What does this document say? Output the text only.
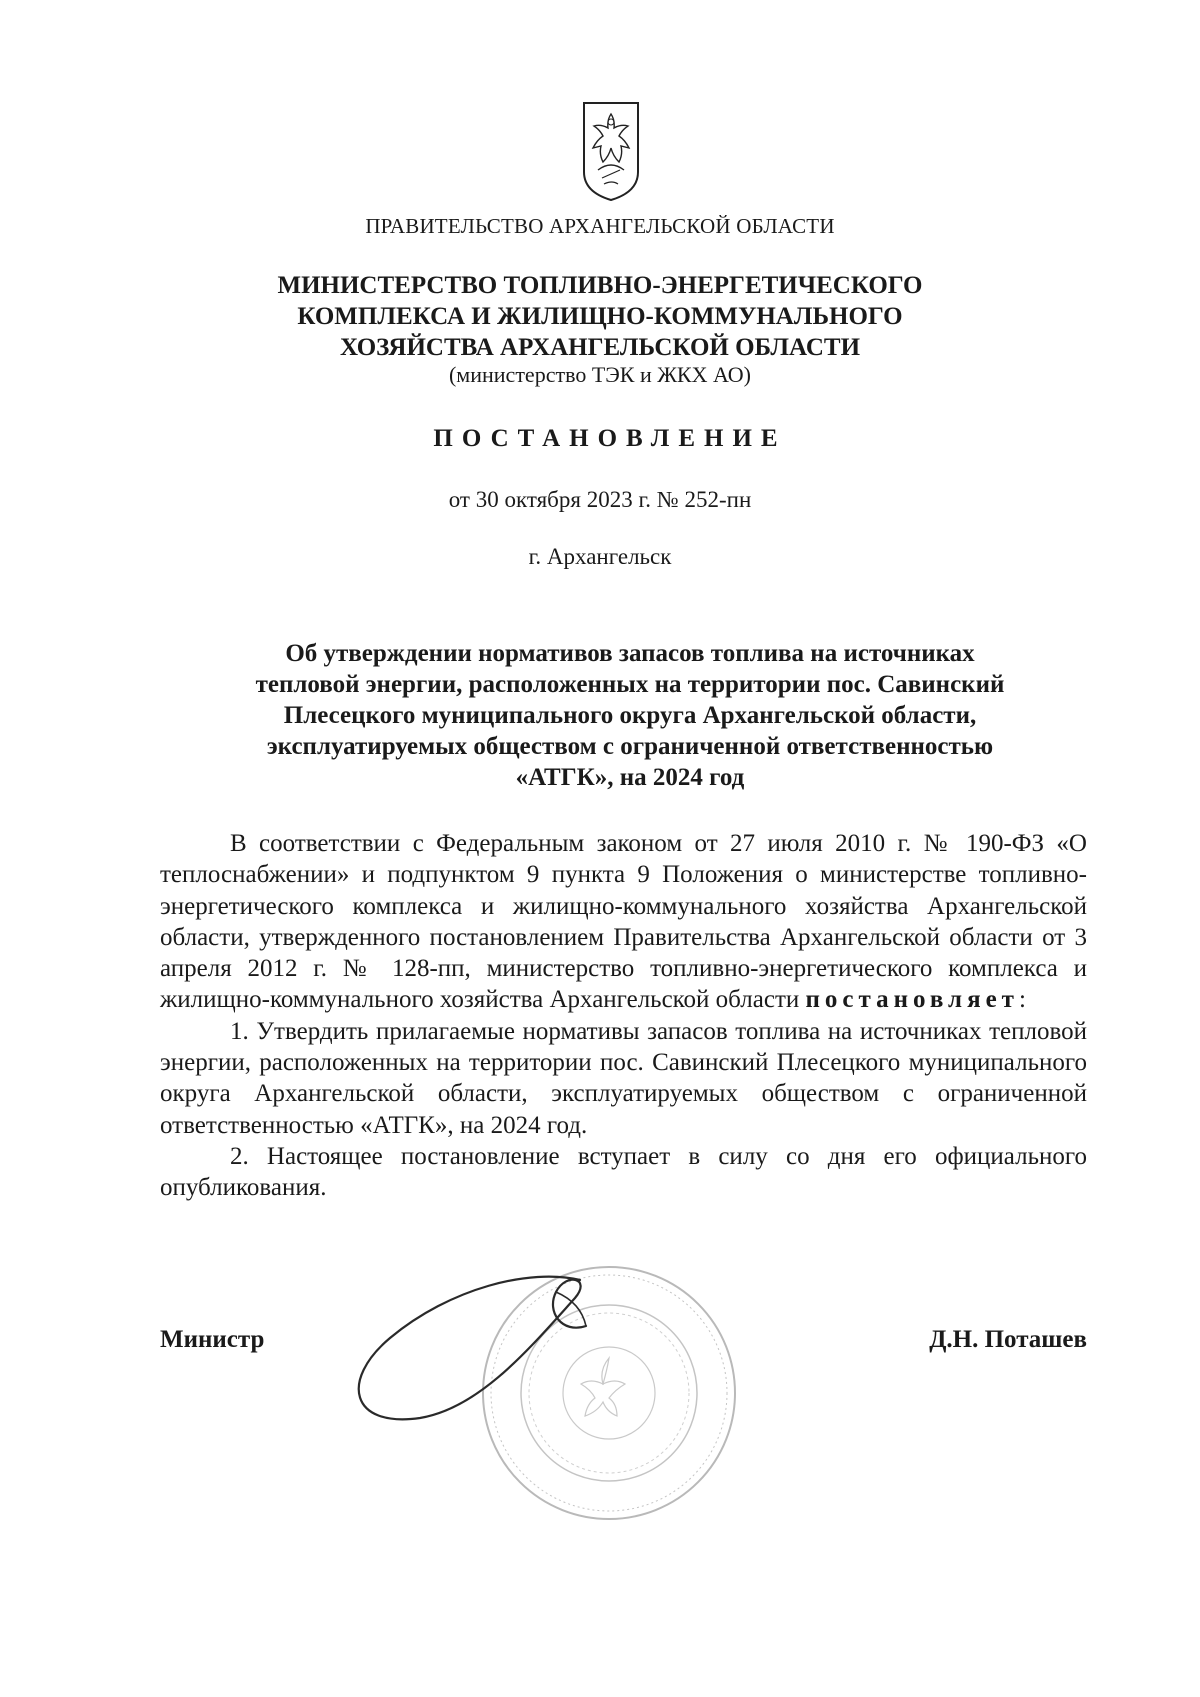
ПРАВИТЕЛЬСТВО АРХАНГЕЛЬСКОЙ ОБЛАСТИ
МИНИСТЕРСТВО ТОПЛИВНО-ЭНЕРГЕТИЧЕСКОГО
КОМПЛЕКСА И ЖИЛИЩНО-КОММУНАЛЬНОГО
ХОЗЯЙСТВА АРХАНГЕЛЬСКОЙ ОБЛАСТИ
(министерство ТЭК и ЖКХ АО)
ПОСТАНОВЛЕНИЕ
от 30 октября 2023 г. № 252-пн
г. Архангельск
Об утверждении нормативов запасов топлива на источниках
тепловой энергии, расположенных на территории пос. Савинский
Плесецкого муниципального округа Архангельской области,
эксплуатируемых обществом с ограниченной ответственностью
«АТГК», на 2024 год

В соответствии с Федеральным законом от 27 июля 2010 г. № 190-ФЗ «О теплоснабжении» и подпунктом 9 пункта 9 Положения о министерстве топливно-энергетического комплекса и жилищно-коммунального хозяйства Архангельской области, утвержденного постановлением Правительства Архангельской области от 3 апреля 2012 г. № 128-пп, министерство топливно-энергетического комплекса и жилищно-коммунального хозяйства Архангельской области постановляет:

1. Утвердить прилагаемые нормативы запасов топлива на источниках тепловой энергии, расположенных на территории пос. Савинский Плесецкого муниципального округа Архангельской области, эксплуатируемых обществом с ограниченной ответственностью «АТГК», на 2024 год.

2. Настоящее постановление вступает в силу со дня его официального опубликования.

Министр	Д.Н. Поташев
